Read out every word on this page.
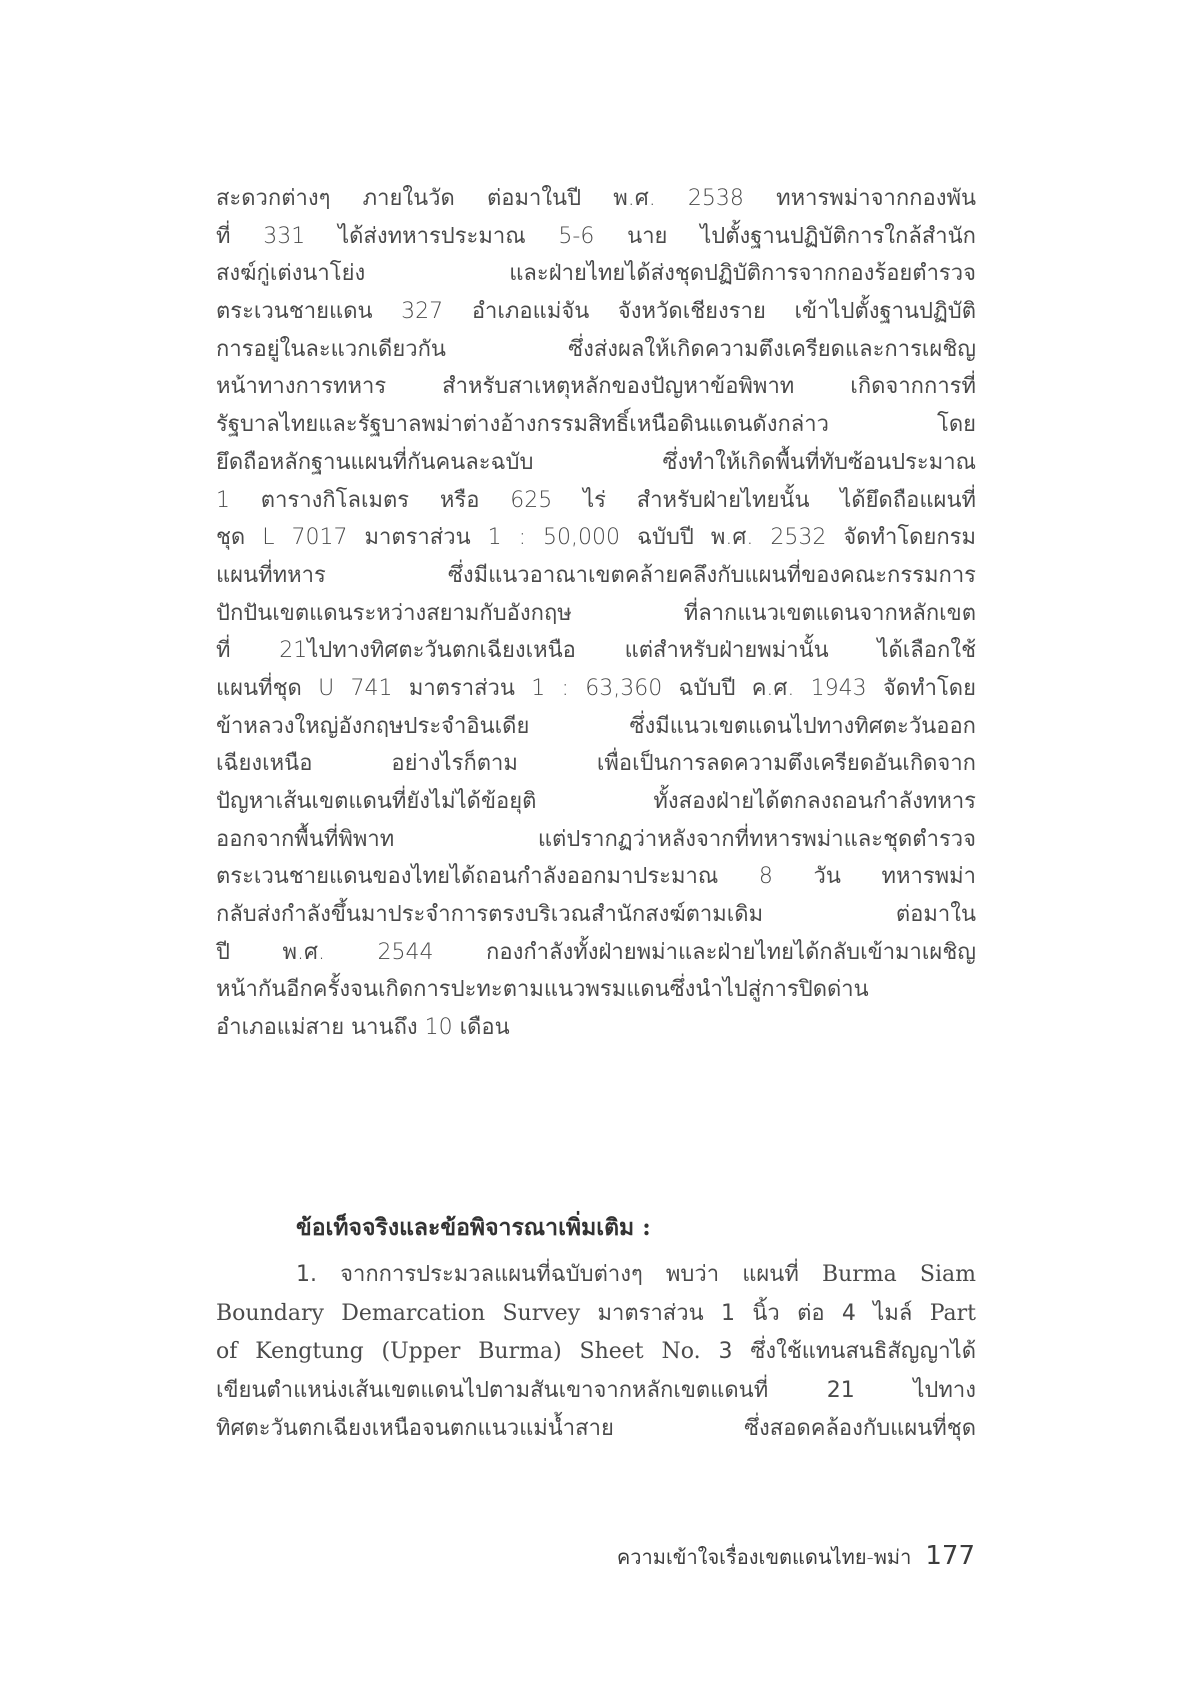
สะดวกต่างๆ ภายในวัด ต่อมาในปี พ.ศ. 2538 ทหารพม่าจากกองพัน
ที่ 331 ได้ส่งทหารประมาณ 5-6 นาย ไปตั้งฐานปฏิบัติการใกล้สำนัก
สงฆ์กู่เต่งนาโย่ง และฝ่ายไทยได้ส่งชุดปฏิบัติการจากกองร้อยตำรวจ
ตระเวนชายแดน 327 อำเภอแม่จัน จังหวัดเชียงราย เข้าไปตั้งฐานปฏิบัติ
การอยู่ในละแวกเดียวกัน ซึ่งส่งผลให้เกิดความตึงเครียดและการเผชิญ
หน้าทางการทหาร สำหรับสาเหตุหลักของปัญหาข้อพิพาท เกิดจากการที่
รัฐบาลไทยและรัฐบาลพม่าต่างอ้างกรรมสิทธิ์เหนือดินแดนดังกล่าว โดย
ยึดถือหลักฐานแผนที่กันคนละฉบับ ซึ่งทำให้เกิดพื้นที่ทับซ้อนประมาณ
1 ตารางกิโลเมตร หรือ 625 ไร่ สำหรับฝ่ายไทยนั้น ได้ยึดถือแผนที่
ชุด L 7017 มาตราส่วน 1 : 50,000 ฉบับปี พ.ศ. 2532 จัดทำโดยกรม
แผนที่ทหาร ซึ่งมีแนวอาณาเขตคล้ายคลึงกับแผนที่ของคณะกรรมการ
ปักปันเขตแดนระหว่างสยามกับอังกฤษ ที่ลากแนวเขตแดนจากหลักเขต
ที่ 21ไปทางทิศตะวันตกเฉียงเหนือ แต่สำหรับฝ่ายพม่านั้น ได้เลือกใช้
แผนที่ชุด U 741 มาตราส่วน 1 : 63,360 ฉบับปี ค.ศ. 1943 จัดทำโดย
ข้าหลวงใหญ่อังกฤษประจำอินเดีย ซึ่งมีแนวเขตแดนไปทางทิศตะวันออก
เฉียงเหนือ อย่างไรก็ตาม เพื่อเป็นการลดความตึงเครียดอันเกิดจาก
ปัญหาเส้นเขตแดนที่ยังไม่ได้ข้อยุติ ทั้งสองฝ่ายได้ตกลงถอนกำลังทหาร
ออกจากพื้นที่พิพาท แต่ปรากฏว่าหลังจากที่ทหารพม่าและชุดตำรวจ
ตระเวนชายแดนของไทยได้ถอนกำลังออกมาประมาณ 8 วัน ทหารพม่า
กลับส่งกำลังขึ้นมาประจำการตรงบริเวณสำนักสงฆ์ตามเดิม ต่อมาใน
ปี พ.ศ. 2544 กองกำลังทั้งฝ่ายพม่าและฝ่ายไทยได้กลับเข้ามาเผชิญ
หน้ากันอีกครั้งจนเกิดการปะทะตามแนวพรมแดนซึ่งนำไปสู่การปิดด่าน
อำเภอแม่สาย นานถึง 10 เดือน
ข้อเท็จจริงและข้อพิจารณาเพิ่มเติม :
1. จากการประมวลแผนที่ฉบับต่างๆ พบว่า แผนที่ Burma Siam
Boundary Demarcation Survey มาตราส่วน 1 นิ้ว ต่อ 4 ไมล์ Part
of Kengtung (Upper Burma) Sheet No. 3 ซึ่งใช้แทนสนธิสัญญาได้
เขียนตำแหน่งเส้นเขตแดนไปตามสันเขาจากหลักเขตแดนที่ 21 ไปทาง
ทิศตะวันตกเฉียงเหนือจนตกแนวแม่น้ำสาย ซึ่งสอดคล้องกับแผนที่ชุด
ความเข้าใจเรื่องเขตแดนไทย-พม่า 177
